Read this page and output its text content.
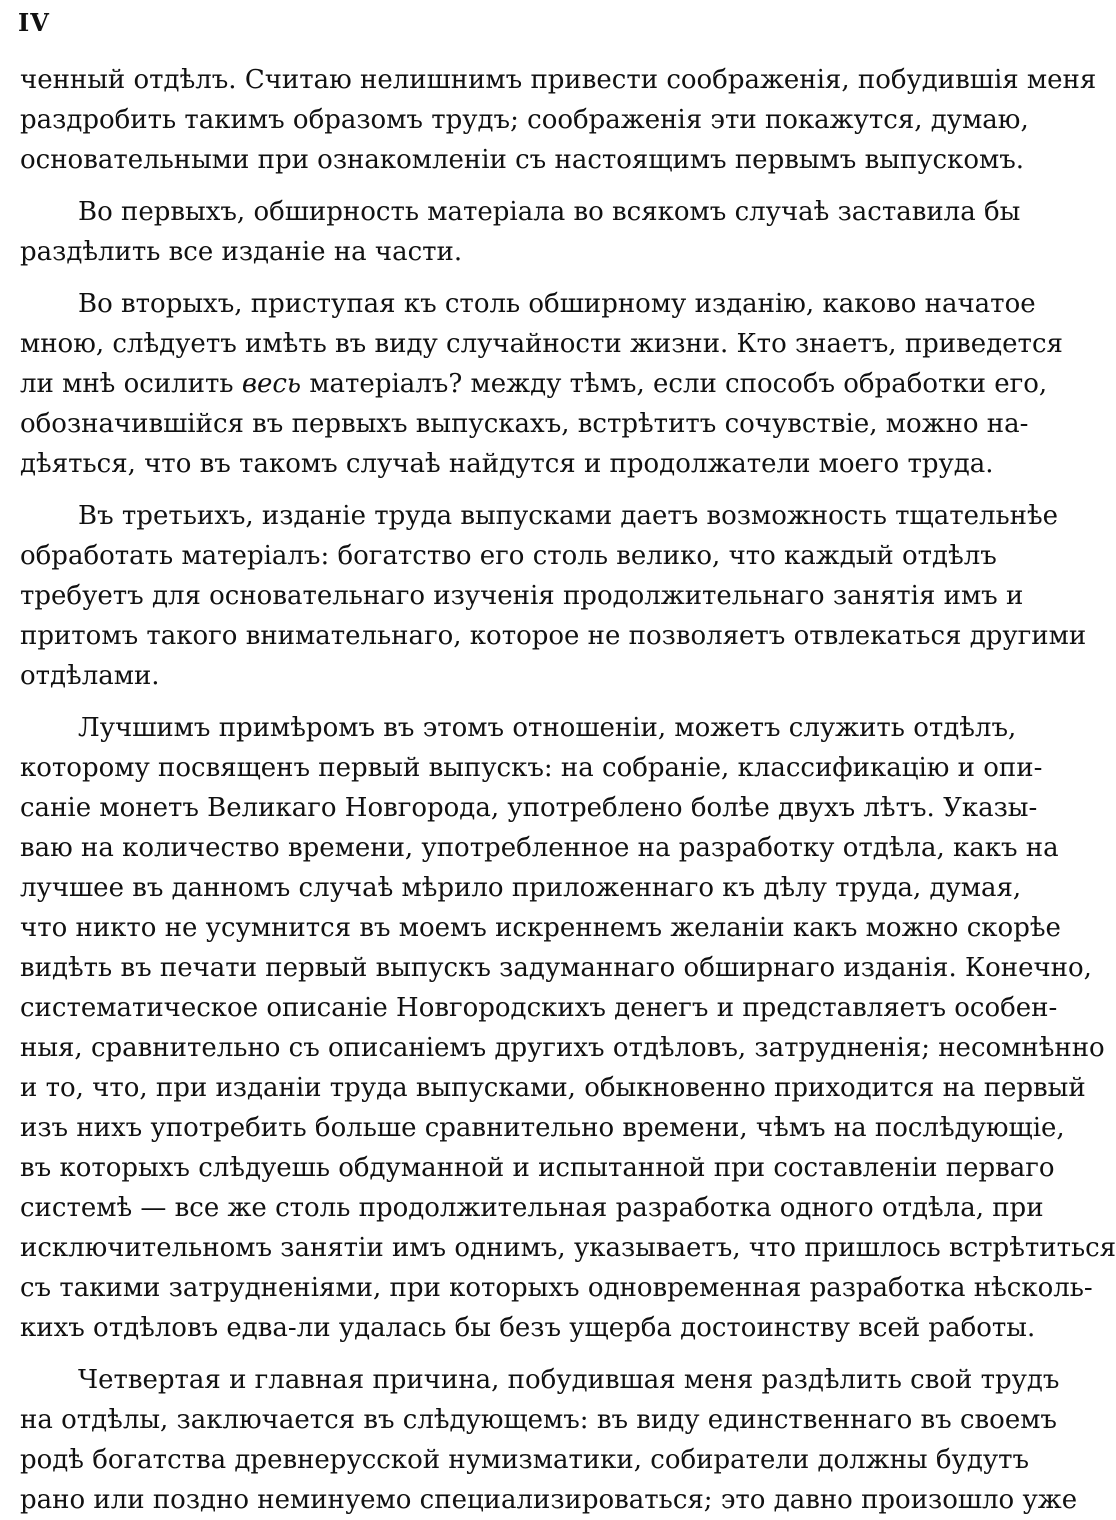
IV
ченный отдѣлъ. Считаю нелишнимъ привести соображенія, побудившія меня
раздробить такимъ образомъ трудъ; соображенія эти покажутся, думаю,
основательными при ознакомленіи съ настоящимъ первымъ выпускомъ.
Во первыхъ, обширность матеріала во всякомъ случаѣ заставила бы
раздѣлить все изданіе на части.
Во вторыхъ, приступая къ столь обширному изданію, каково начатое
мною, слѣдуетъ имѣть въ виду случайности жизни. Кто знаетъ, приведется
ли мнѣ осилить весь матеріалъ? между тѣмъ, если способъ обработки его,
обозначившійся въ первыхъ выпускахъ, встрѣтитъ сочувствіе, можно на-
дѣяться, что въ такомъ случаѣ найдутся и продолжатели моего труда.
Въ третьихъ, изданіе труда выпусками даетъ возможность тщательнѣе
обработать матеріалъ: богатство его столь велико, что каждый отдѣлъ
требуетъ для основательнаго изученія продолжительнаго занятія имъ и
притомъ такого внимательнаго, которое не позволяетъ отвлекаться другими
отдѣлами.
Лучшимъ примѣромъ въ этомъ отношеніи, можетъ служить отдѣлъ,
которому посвященъ первый выпускъ: на собраніе, классификацію и опи-
саніе монетъ Великаго Новгорода, употреблено болѣе двухъ лѣтъ. Указы-
ваю на количество времени, употребленное на разработку отдѣла, какъ на
лучшее въ данномъ случаѣ мѣрило приложеннаго къ дѣлу труда, думая,
что никто не усумнится въ моемъ искреннемъ желаніи какъ можно скорѣе
видѣть въ печати первый выпускъ задуманнаго обширнаго изданія. Конечно,
систематическое описаніе Новгородскихъ денегъ и представляетъ особен-
ныя, сравнительно съ описаніемъ другихъ отдѣловъ, затрудненія; несомнѣнно
и то, что, при изданіи труда выпусками, обыкновенно приходится на первый
изъ нихъ употребить больше сравнительно времени, чѣмъ на послѣдующіе,
въ которыхъ слѣдуешь обдуманной и испытанной при составленіи перваго
системѣ — все же столь продолжительная разработка одного отдѣла, при
исключительномъ занятіи имъ однимъ, указываетъ, что пришлось встрѣтиться
съ такими затрудненіями, при которыхъ одновременная разработка нѣсколь-
кихъ отдѣловъ едва-ли удалась бы безъ ущерба достоинству всей работы.
Четвертая и главная причина, побудившая меня раздѣлить свой трудъ
на отдѣлы, заключается въ слѣдующемъ: въ виду единственнаго въ своемъ
родѣ богатства древнерусской нумизматики, собиратели должны будутъ
рано или поздно неминуемо специализироваться; это давно произошло уже
